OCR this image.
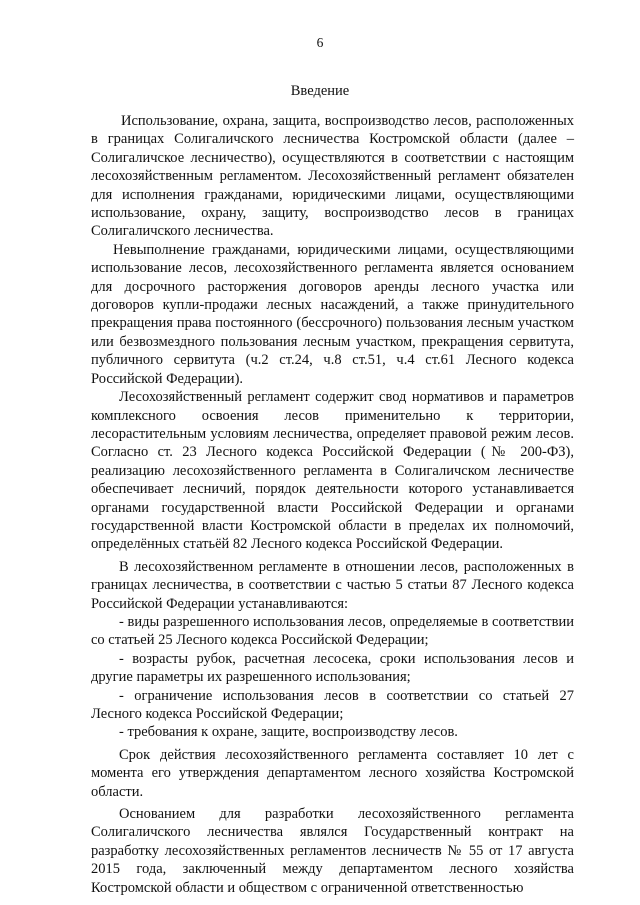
6
Введение

Использование, охрана, защита, воспроизводство лесов, расположенных в границах Солигаличского лесничества Костромской области (далее – Солигаличское лесничество), осуществляются в соответствии с настоящим лесохозяйственным регламентом. Лесохозяйственный регламент обязателен для исполнения гражданами, юридическими лицами, осуществляющими использование, охрану, защиту, воспроизводство лесов в границах Солигаличского лесничества.

Невыполнение гражданами, юридическими лицами, осуществляющими использование лесов, лесохозяйственного регламента является основанием для досрочного расторжения договоров аренды лесного участка или договоров купли-продажи лесных насаждений, а также принудительного прекращения права постоянного (бессрочного) пользования лесным участком или безвозмездного пользования лесным участком, прекращения сервитута, публичного сервитута (ч.2 ст.24, ч.8 ст.51, ч.4 ст.61 Лесного кодекса Российской Федерации).

Лесохозяйственный регламент содержит свод нормативов и параметров комплексного освоения лесов применительно к территории, лесорастительным условиям лесничества, определяет правовой режим лесов. Согласно ст. 23 Лесного кодекса Российской Федерации (№ 200-ФЗ), реализацию лесохозяйственного регламента в Солигаличском лесничестве обеспечивает лесничий, порядок деятельности которого устанавливается органами государственной власти Российской Федерации и органами государственной власти Костромской области в пределах их полномочий, определённых статьёй 82 Лесного кодекса Российской Федерации.

В лесохозяйственном регламенте в отношении лесов, расположенных в границах лесничества, в соответствии с частью 5 статьи 87 Лесного кодекса Российской Федерации устанавливаются:

- виды разрешенного использования лесов, определяемые в соответствии со статьей 25 Лесного кодекса Российской Федерации;

- возрасты рубок, расчетная лесосека, сроки использования лесов и другие параметры их разрешенного использования;

- ограничение использования лесов в соответствии со статьей 27 Лесного кодекса Российской Федерации;

- требования к охране, защите, воспроизводству лесов.

Срок действия лесохозяйственного регламента составляет 10 лет с момента его утверждения департаментом лесного хозяйства Костромской области.

Основанием для разработки лесохозяйственного регламента Солигаличского лесничества являлся Государственный контракт на разработку лесохозяйственных регламентов лесничеств № 55 от 17 августа 2015 года, заключенный между департаментом лесного хозяйства Костромской области и обществом с ограниченной ответственностью
